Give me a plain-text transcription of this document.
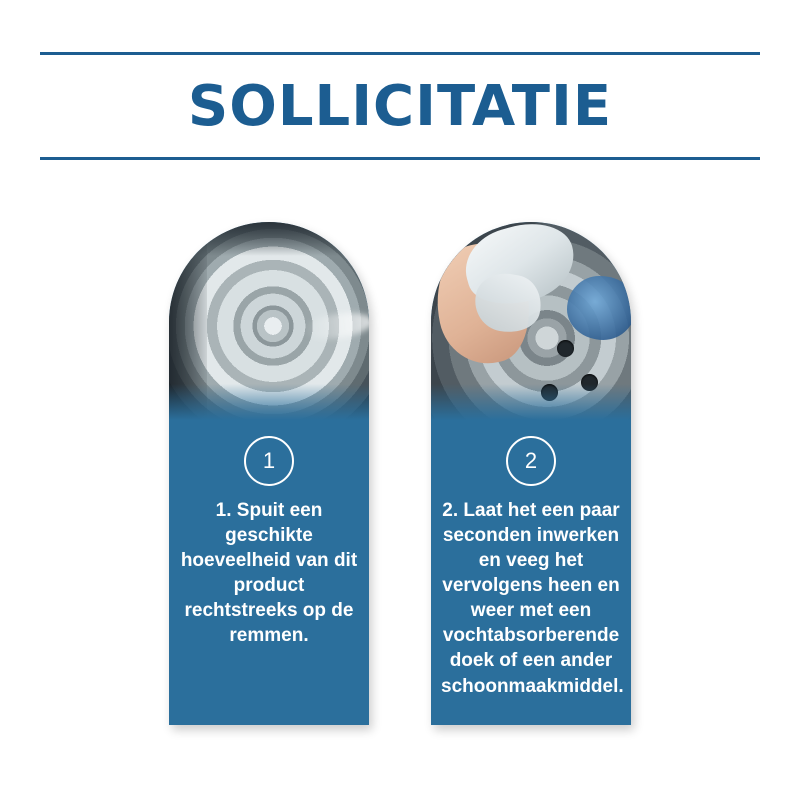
SOLLICITATIE
1
1. Spuit een geschikte hoeveelheid van dit product rechtstreeks op de remmen.
2
2. Laat het een paar seconden inwerken en veeg het vervolgens heen en weer met een vochtabsorberende doek of een ander schoonmaakmiddel.
